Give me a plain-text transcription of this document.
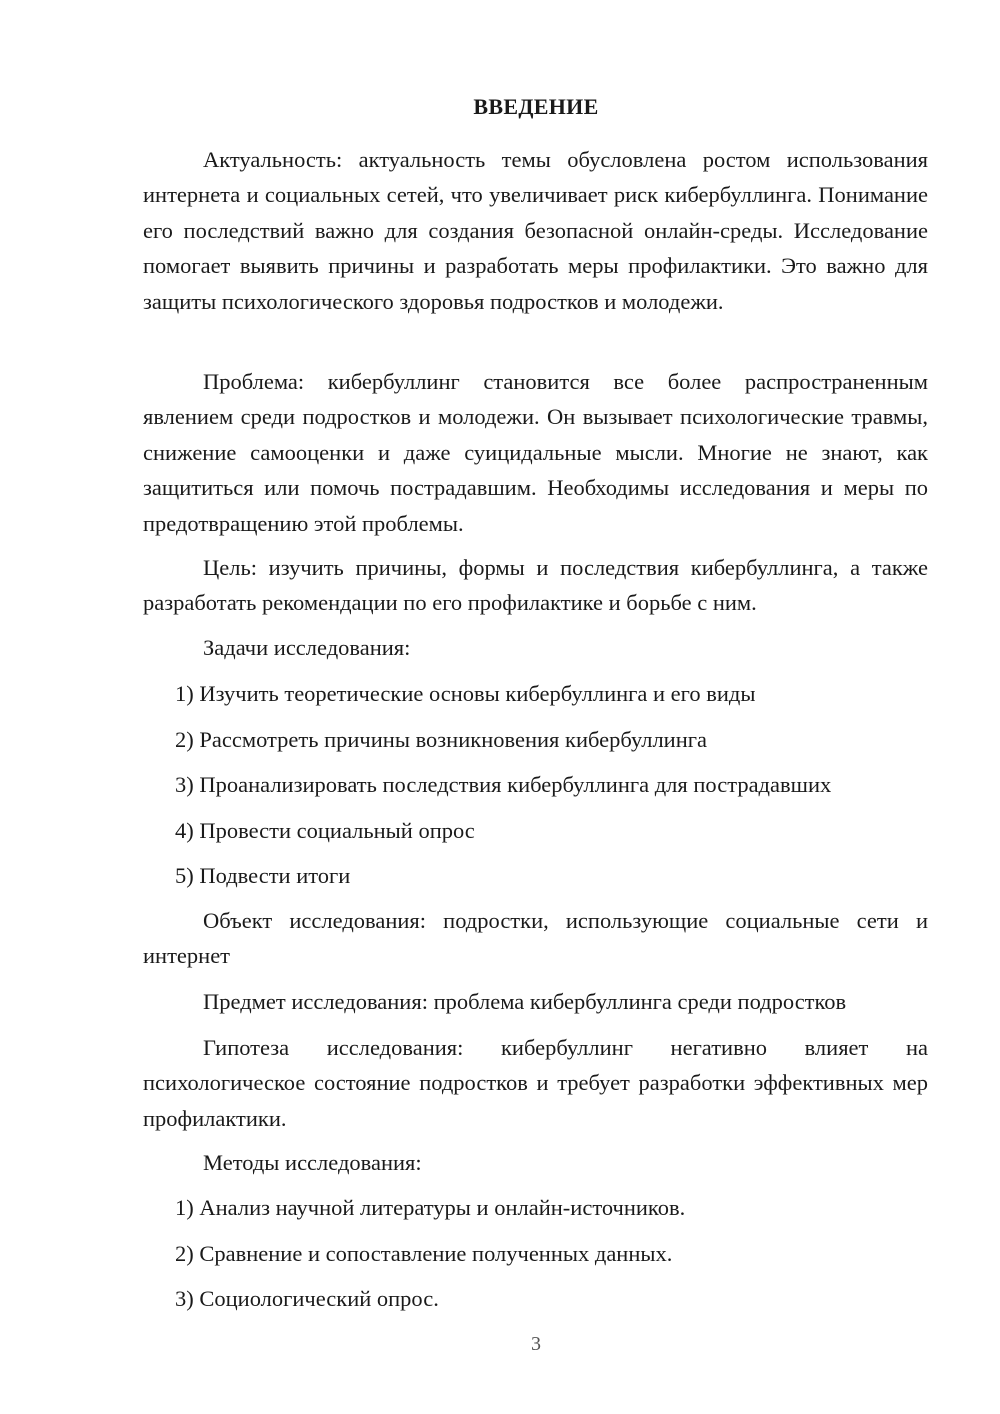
ВВЕДЕНИЕ

Актуальность: актуальность темы обусловлена ростом использования интернета и социальных сетей, что увеличивает риск кибербуллинга. Понимание его последствий важно для создания безопасной онлайн-среды. Исследование помогает выявить причины и разработать меры профилактики. Это важно для защиты психологического здоровья подростков и молодежи.

Проблема: кибербуллинг становится все более распространенным явлением среди подростков и молодежи. Он вызывает психологические травмы, снижение самооценки и даже суицидальные мысли. Многие не знают, как защититься или помочь пострадавшим. Необходимы исследования и меры по предотвращению этой проблемы.

Цель: изучить причины, формы и последствия кибербуллинга, а также разработать рекомендации по его профилактике и борьбе с ним.

Задачи исследования:

1) Изучить теоретические основы кибербуллинга и его виды

2) Рассмотреть причины возникновения кибербуллинга

3) Проанализировать последствия кибербуллинга для пострадавших

4) Провести социальный опрос

5) Подвести итоги

Объект исследования: подростки, использующие социальные сети и интернет

Предмет исследования: проблема кибербуллинга среди подростков

Гипотеза исследования: кибербуллинг негативно влияет на психологическое состояние подростков и требует разработки эффективных мер профилактики.

Методы исследования:

1) Анализ научной литературы и онлайн-источников.

2) Сравнение и сопоставление полученных данных.

3) Социологический опрос.

3
